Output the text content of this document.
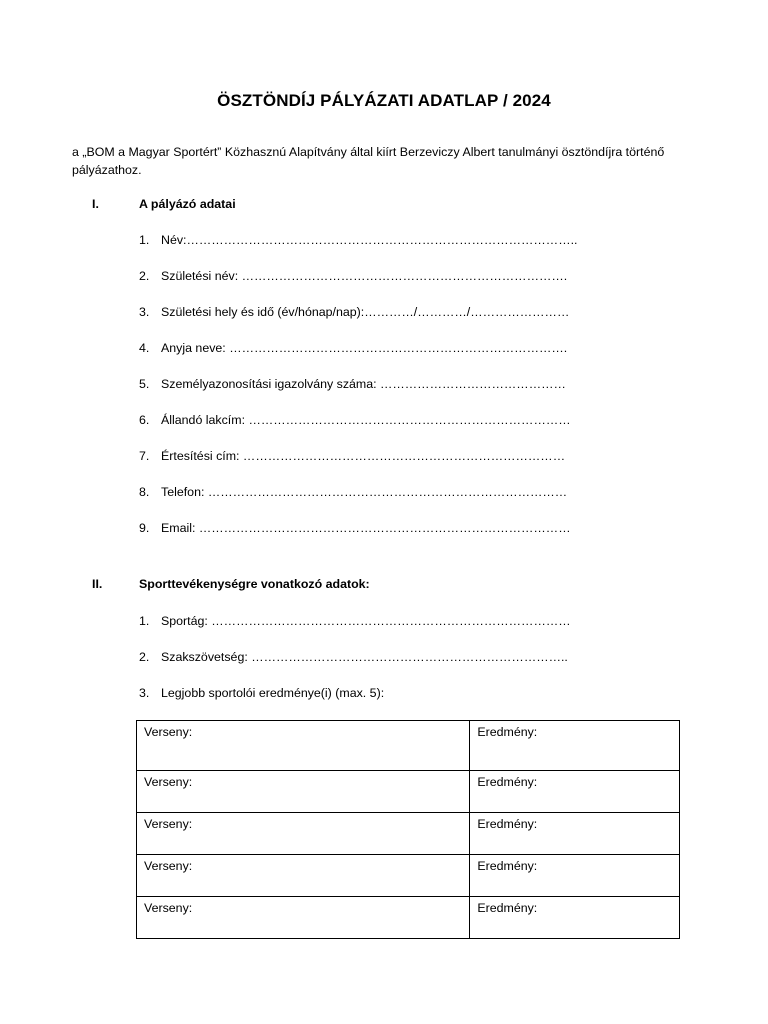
ÖSZTÖNDÍJ PÁLYÁZATI ADATLAP / 2024
a „BOM a Magyar Sportért” Közhasznú Alapítvány által kiírt Berzeviczy Albert tanulmányi ösztöndíjra történő pályázathoz.
I.	A pályázó adatai
1. Név:…………………………………………………………………………………..
2. Születési név: …………………………………………………………………….
3. Születési hely és idő (év/hónap/nap):…………/…………/……………………
4. Anyja neve: ……………………………………………………………………….
5. Személyazonosítási igazolvány száma: ………………………………………
6. Állandó lakcím: ……………………………………………………………………
7. Értesítési cím: ……………………………………………………………………
8. Telefon: ……………………………………………………………………………
9. Email: ………………………………………………………………………………
II.	Sporttevékenységre vonatkozó adatok:
1. Sportág: ……………………………………………………………………………
2. Szakszövetség: …………………………………………………………………..
3. Legjobb sportolói eredménye(i) (max. 5):
Verseny:	Eredmény:
Verseny:	Eredmény:
Verseny:	Eredmény:
Verseny:	Eredmény:
Verseny:	Eredmény:
